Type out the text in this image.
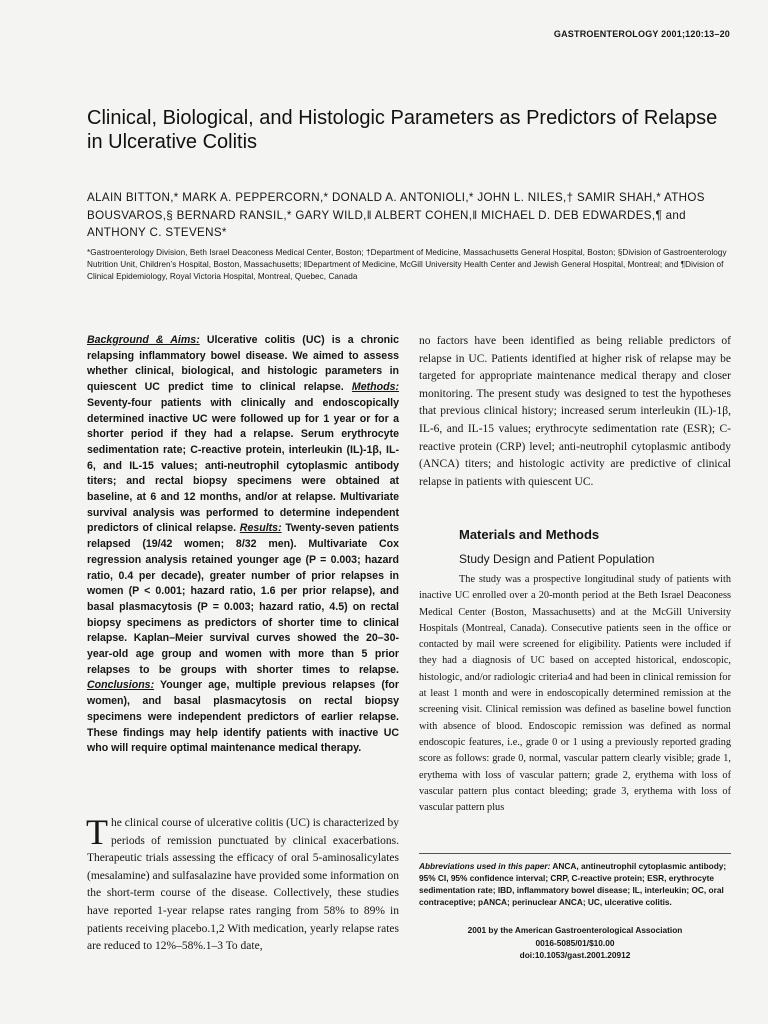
GASTROENTEROLOGY 2001;120:13–20
Clinical, Biological, and Histologic Parameters as Predictors of Relapse in Ulcerative Colitis
ALAIN BITTON,* MARK A. PEPPERCORN,* DONALD A. ANTONIOLI,* JOHN L. NILES,† SAMIR SHAH,* ATHOS BOUSVAROS,§ BERNARD RANSIL,* GARY WILD,‖ ALBERT COHEN,‖ MICHAEL D. DEB EDWARDES,¶ and ANTHONY C. STEVENS*
*Gastroenterology Division, Beth Israel Deaconess Medical Center, Boston; †Department of Medicine, Massachusetts General Hospital, Boston; §Division of Gastroenterology Nutrition Unit, Children’s Hospital, Boston, Massachusetts; ‖Department of Medicine, McGill University Health Center and Jewish General Hospital, Montreal; and ¶Division of Clinical Epidemiology, Royal Victoria Hospital, Montreal, Quebec, Canada

Background & Aims: Ulcerative colitis (UC) is a chronic relapsing inflammatory bowel disease. We aimed to assess whether clinical, biological, and histologic parameters in quiescent UC predict time to clinical relapse. Methods: Seventy-four patients with clinically and endoscopically determined inactive UC were followed up for 1 year or for a shorter period if they had a relapse. Serum erythrocyte sedimentation rate; C-reactive protein, interleukin (IL)-1β, IL-6, and IL-15 values; anti-neutrophil cytoplasmic antibody titers; and rectal biopsy specimens were obtained at baseline, at 6 and 12 months, and/or at relapse. Multivariate survival analysis was performed to determine independent predictors of clinical relapse. Results: Twenty-seven patients relapsed (19/42 women; 8/32 men). Multivariate Cox regression analysis retained younger age (P = 0.003; hazard ratio, 0.4 per decade), greater number of prior relapses in women (P < 0.001; hazard ratio, 1.6 per prior relapse), and basal plasmacytosis (P = 0.003; hazard ratio, 4.5) on rectal biopsy specimens as predictors of shorter time to clinical relapse. Kaplan–Meier survival curves showed the 20–30-year-old age group and women with more than 5 prior relapses to be groups with shorter times to relapse. Conclusions: Younger age, multiple previous relapses (for women), and basal plasmacytosis on rectal biopsy specimens were independent predictors of earlier relapse. These findings may help identify patients with inactive UC who will require optimal maintenance medical therapy.

The clinical course of ulcerative colitis (UC) is characterized by periods of remission punctuated by clinical exacerbations. Therapeutic trials assessing the efficacy of oral 5-aminosalicylates (mesalamine) and sulfasalazine have provided some information on the short-term course of the disease. Collectively, these studies have reported 1-year relapse rates ranging from 58% to 89% in patients receiving placebo.1,2 With medication, yearly relapse rates are reduced to 12%–58%.1–3 To date,

no factors have been identified as being reliable predictors of relapse in UC. Patients identified at higher risk of relapse may be targeted for appropriate maintenance medical therapy and closer monitoring. The present study was designed to test the hypotheses that previous clinical history; increased serum interleukin (IL)-1β, IL-6, and IL-15 values; erythrocyte sedimentation rate (ESR); C-reactive protein (CRP) level; anti-neutrophil cytoplasmic antibody (ANCA) titers; and histologic activity are predictive of clinical relapse in patients with quiescent UC.

Materials and Methods
Study Design and Patient Population

The study was a prospective longitudinal study of patients with inactive UC enrolled over a 20-month period at the Beth Israel Deaconess Medical Center (Boston, Massachusetts) and at the McGill University Hospitals (Montreal, Canada). Consecutive patients seen in the office or contacted by mail were screened for eligibility. Patients were included if they had a diagnosis of UC based on accepted historical, endoscopic, histologic, and/or radiologic criteria4 and had been in clinical remission for at least 1 month and were in endoscopically determined remission at the screening visit. Clinical remission was defined as baseline bowel function with absence of blood. Endoscopic remission was defined as normal endoscopic features, i.e., grade 0 or 1 using a previously reported grading score as follows: grade 0, normal, vascular pattern clearly visible; grade 1, erythema with loss of vascular pattern; grade 2, erythema with loss of vascular pattern plus contact bleeding; grade 3, erythema with loss of vascular pattern plus

Abbreviations used in this paper: ANCA, antineutrophil cytoplasmic antibody; 95% CI, 95% confidence interval; CRP, C-reactive protein; ESR, erythrocyte sedimentation rate; IBD, inflammatory bowel disease; IL, interleukin; OC, oral contraceptive; pANCA; perinuclear ANCA; UC, ulcerative colitis.

2001 by the American Gastroenterological Association
0016-5085/01/$10.00
doi:10.1053/gast.2001.20912
